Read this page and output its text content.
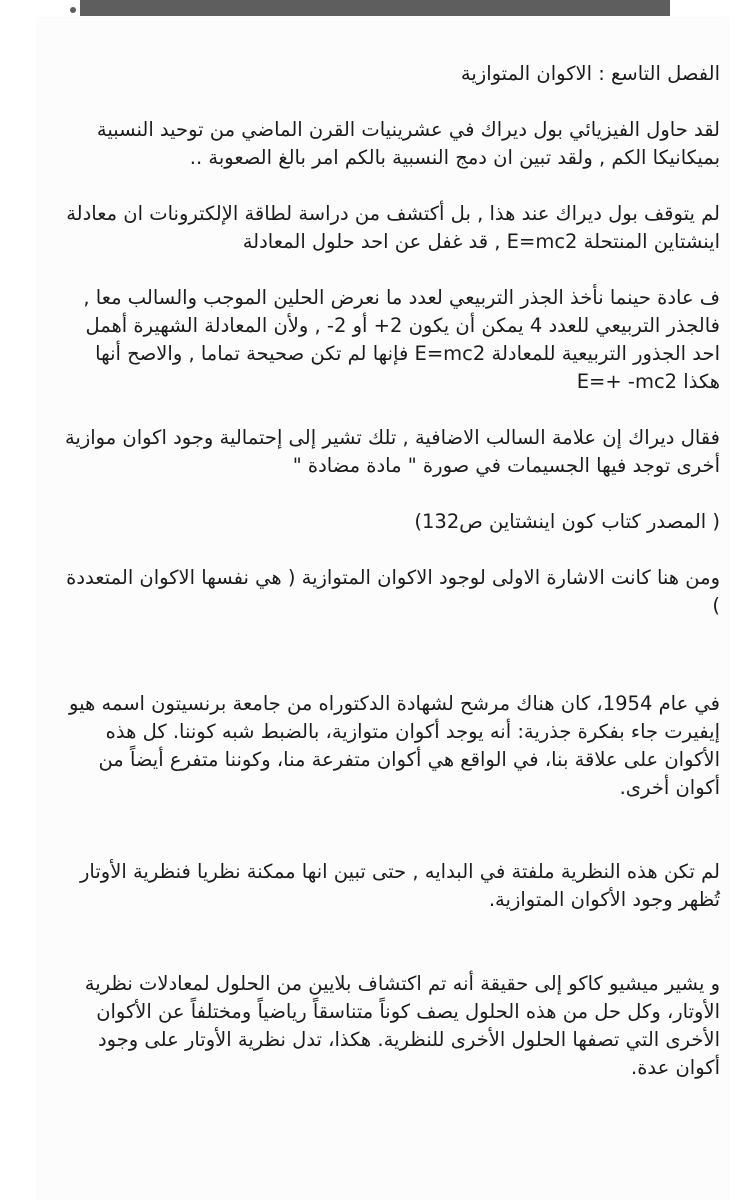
الفصل التاسع : الاكوان المتوازية

لقد حاول الفيزيائي بول ديراك في عشرينيات القرن الماضي من توحيد النسبية بميكانيكا الكم , ولقد تبين ان دمج النسبية بالكم امر بالغ الصعوبة ..

لم يتوقف بول ديراك عند هذا , بل أكتشف من دراسة لطاقة الإلكترونات ان معادلة اينشتاين المنتحلة E=mc2 , قد غفل عن احد حلول المعادلة

ف عادة حينما نأخذ الجذر التربيعي لعدد ما نعرض الحلين الموجب والسالب معا , فالجذر التربيعي للعدد 4 يمكن أن يكون 2+ أو 2- , ولأن المعادلة الشهيرة أهمل احد الجذور التربيعية للمعادلة E=mc2 فإنها لم تكن صحيحة تماما , والاصح أنها هكذا E=+ -mc2

فقال ديراك إن علامة السالب الاضافية , تلك تشير إلى إحتمالية وجود اكوان موازية أخرى توجد فيها الجسيمات في صورة " مادة مضادة "

( المصدر كتاب كون اينشتاين ص132)

ومن هنا كانت الاشارة الاولى لوجود الاكوان المتوازية ( هي نفسها الاكوان المتعددة )

في عام 1954، كان هناك مرشح لشهادة الدكتوراه من جامعة برنسيتون اسمه هيو إيفيرت جاء بفكرة جذرية: أنه يوجد أكوان متوازية، بالضبط شبه كوننا. كل هذه الأكوان على علاقة بنا، في الواقع هي أكوان متفرعة منا، وكوننا متفرع أيضاً من أكوان أخرى.

لم تكن هذه النظرية ملفتة في البدايه , حتى تبين انها ممكنة نظريا فنظرية الأوتار تُظهر وجود الأكوان المتوازية.

و يشير ميشيو كاكو إلى حقيقة أنه تم اكتشاف بلايين من الحلول لمعادلات نظرية الأوتار، وكل حل من هذه الحلول يصف كوناً متناسقاً رياضياً ومختلفاً عن الأكوان الأخرى التي تصفها الحلول الأخرى للنظرية. هكذا، تدل نظرية الأوتار على وجود أكوان عدة.
